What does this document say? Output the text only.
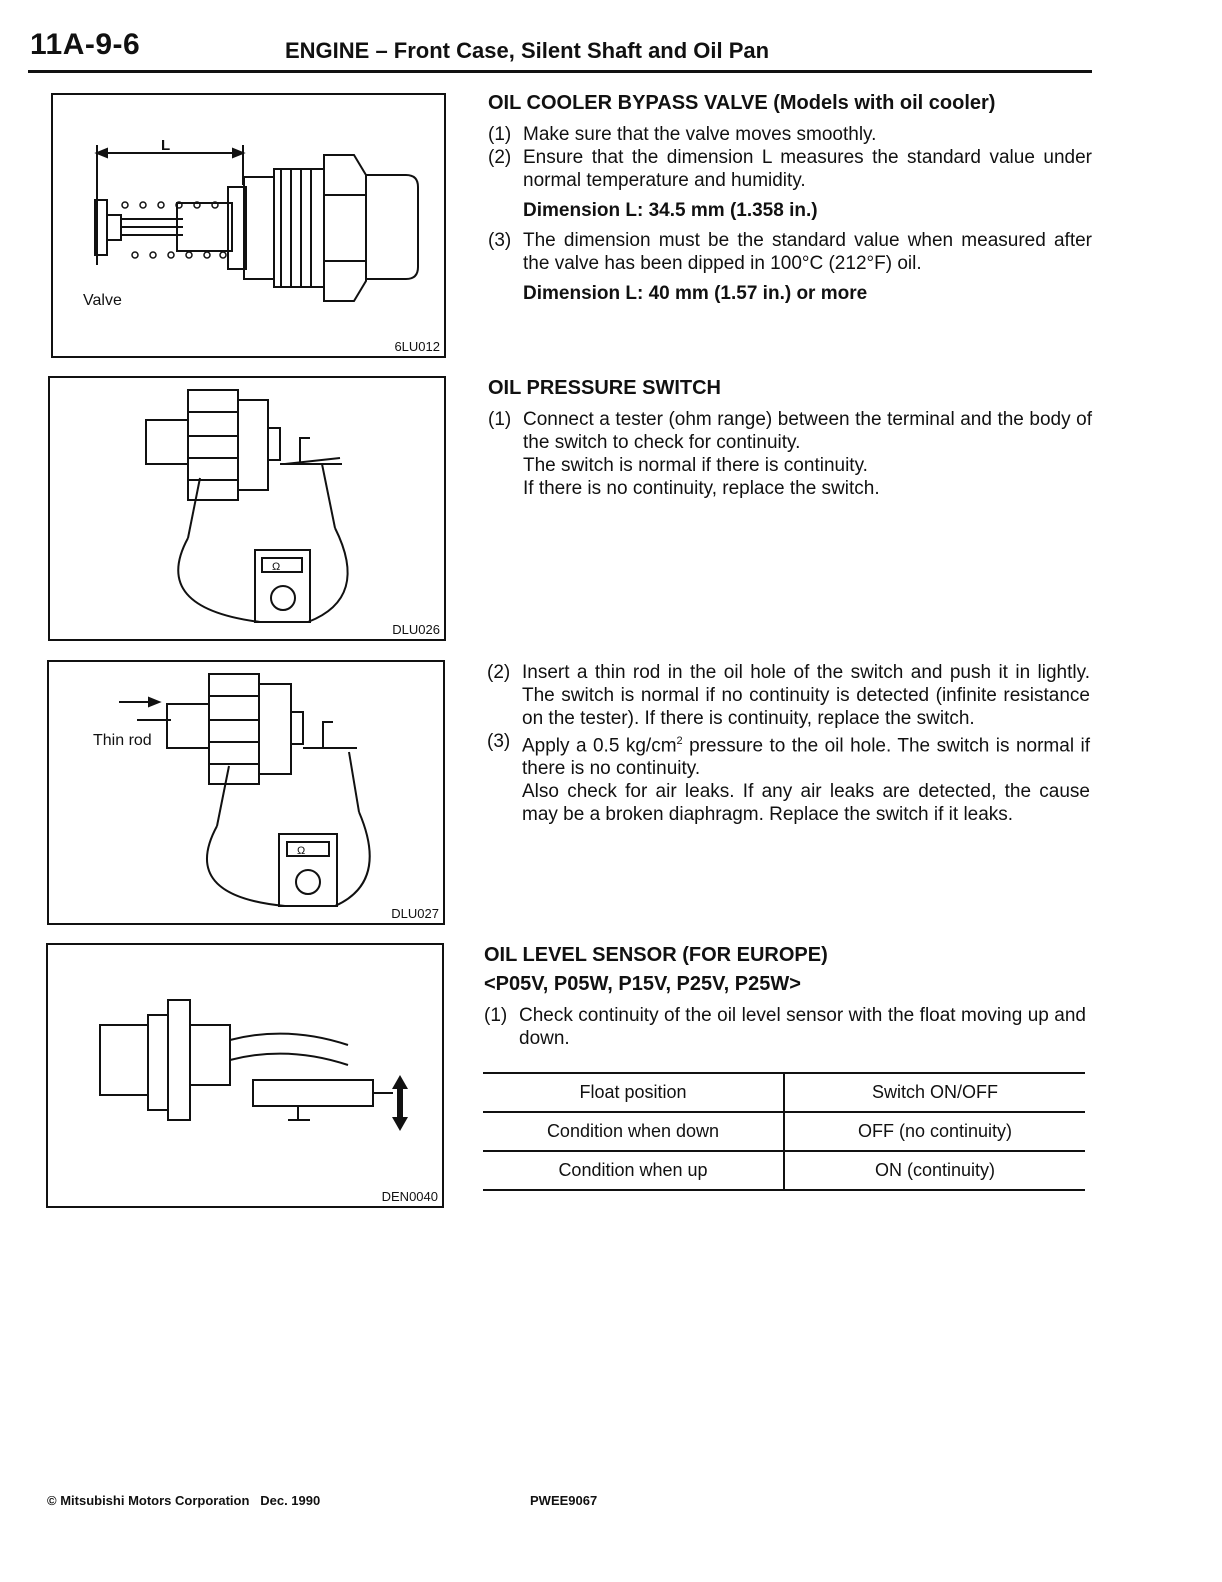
11A-9-6	ENGINE – Front Case, Silent Shaft and Oil Pan
L
Valve
6LU012
Ω
DLU026
Ω
Thin rod
DLU027
DEN0040
OIL COOLER BYPASS VALVE (Models with oil cooler)
(1) Make sure that the valve moves smoothly.
(2) Ensure that the dimension L measures the standard value under normal temperature and humidity.
Dimension L: 34.5 mm (1.358 in.)
(3) The dimension must be the standard value when measured after the valve has been dipped in 100°C (212°F) oil.
Dimension L: 40 mm (1.57 in.) or more
OIL PRESSURE SWITCH
(1) Connect a tester (ohm range) between the terminal and the body of the switch to check for continuity.
The switch is normal if there is continuity.
If there is no continuity, replace the switch.
(2) Insert a thin rod in the oil hole of the switch and push it in lightly. The switch is normal if no continuity is detected (infinite resistance on the tester). If there is continuity, replace the switch.
(3) Apply a 0.5 $kg/cm^2$ pressure to the oil hole. The switch is normal if there is no continuity.
Also check for air leaks. If any air leaks are detected, the cause may be a broken diaphragm. Replace the switch if it leaks.
OIL LEVEL SENSOR (FOR EUROPE)
<P05V, P05W, P15V, P25V, P25W>
(1) Check continuity of the oil level sensor with the float moving up and down.
Float position	Switch ON/OFF
Condition when down	OFF (no continuity)
Condition when up	ON (continuity)
© Mitsubishi Motors Corporation   Dec. 1990	PWEE9067
